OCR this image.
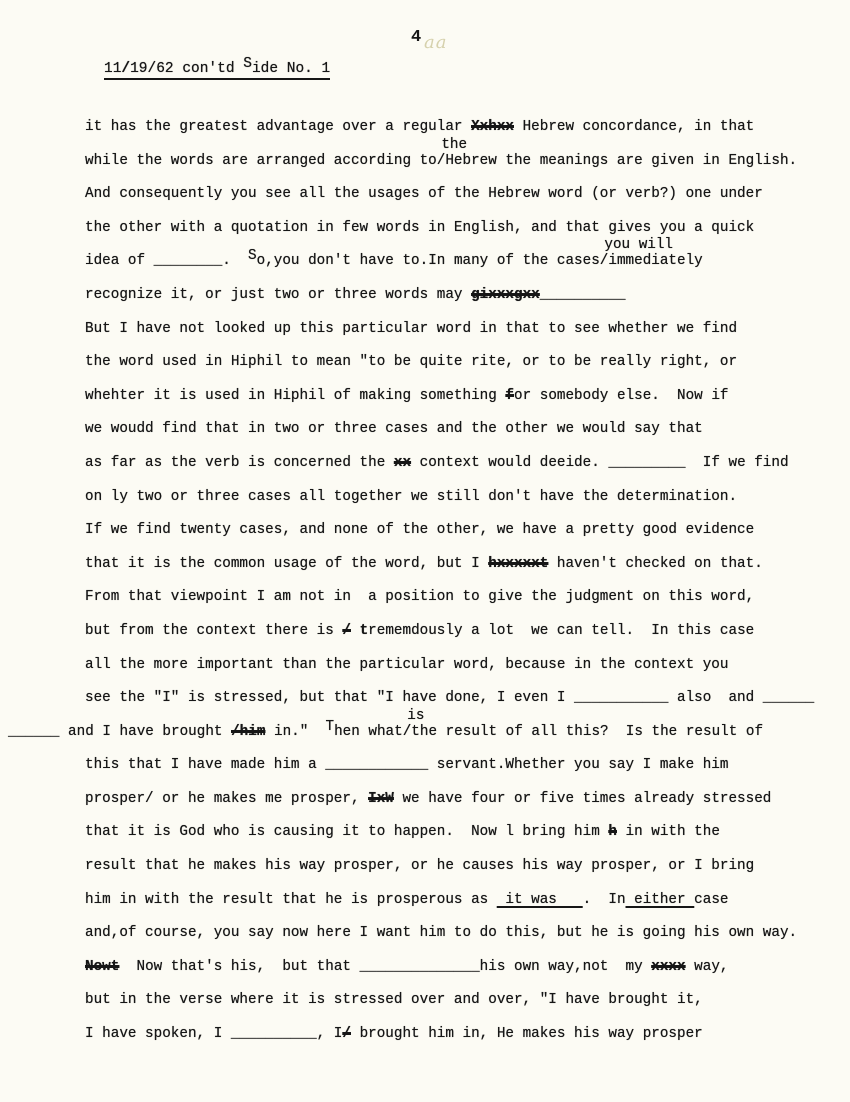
4 aa
11/19/62 con'td Side No. 1
it has the greatest advantage over a regular Xxhxx Hebrew concordance, in that
while the words are arranged according to/Hebrew the meanings are given in English.
the
And consequently you see all the usages of the Hebrew word (or verb?) one under
the other with a quotation in few words in English, and that gives you a quick
idea of ________.  So,you don't have to.In many of the cases/immediately
you will
recognize it, or just two or three words may gixxxgxx__________
But I have not looked up this particular word in that to see whether we find
the word used in Hiphil to mean "to be quite rite, or to be really right, or
whehter it is used in Hiphil of making something for somebody else.  Now if
we woudd find that in two or three cases and the other we would say that
as far as the verb is concerned the xx context would deeide. _________  If we find
on ly two or three cases all together we still don't have the determination.
If we find twenty cases, and none of the other, we have a pretty good evidence
that it is the common usage of the word, but I hxxxxxt haven't checked on that.
From that viewpoint I am not in  a position to give the judgment on this word,
but from the context there is / trememdously a lot  we can tell.  In this case
all the more important than the particular word, because in the context you
see the "I" is stressed, but that "I have done, I even I ___________ also  and ______
______ and I have brought /him in."  Then what/the result of all this?  Is the result of
is
this that I have made him a ____________ servant.Whether you say I make him
prosper/ or he makes me prosper, IxW we have four or five times already stressed
that it is God who is causing it to happen.  Now l bring him h in with the
result that he makes his way prosper, or he causes his way prosper, or I bring
him in with the result that he is prosperous as  it was   .  In either case
and,of course, you say now here I want him to do this, but he is going his own way.
Nowt  Now that's his,  but that ______________his own way,not  my xxxx way,
but in the verse where it is stressed over and over, "I have brought it,
I have spoken, I __________, I/ brought him in, He makes his way prosper
